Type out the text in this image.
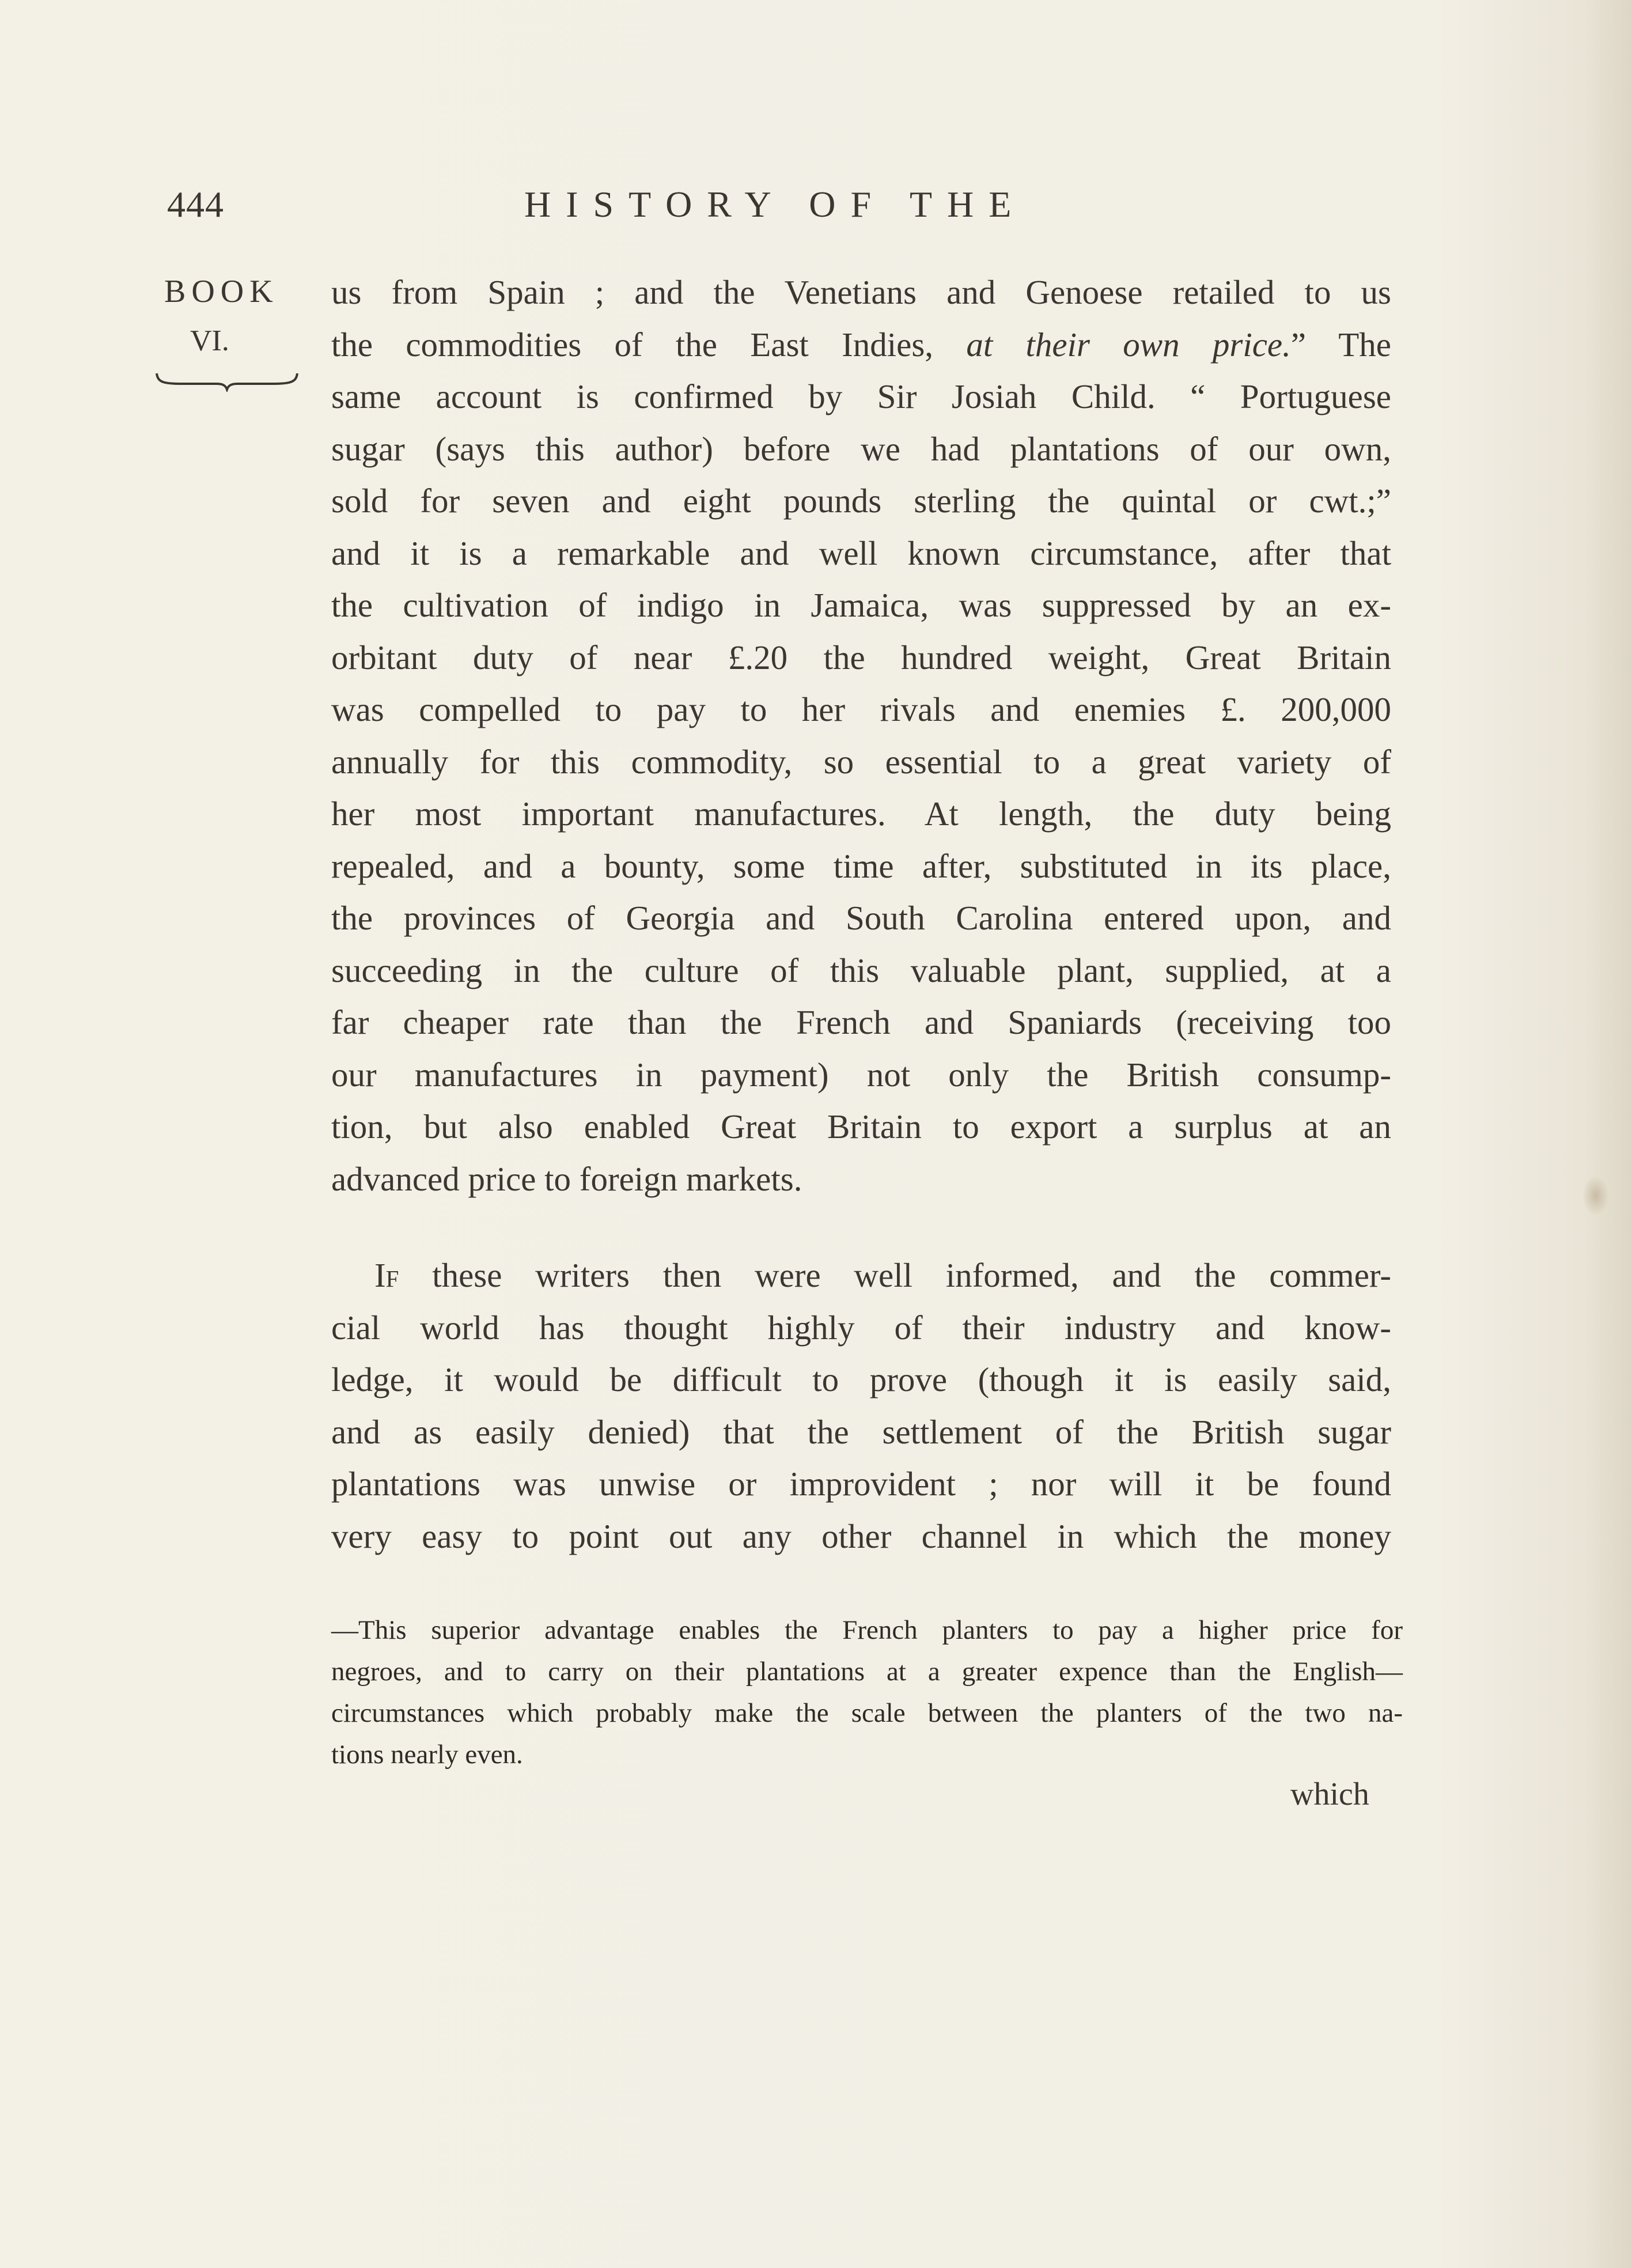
444	HISTORY OF THE
BOOK
VI.
us from Spain ; and the Venetians and Genoese retailed to us
the commodities of the East Indies, at their own price.” The
same account is confirmed by Sir Josiah Child. “ Portuguese
sugar (says this author) before we had plantations of our own,
sold for seven and eight pounds sterling the quintal or cwt.;”
and it is a remarkable and well known circumstance, after that
the cultivation of indigo in Jamaica, was suppressed by an ex-
orbitant duty of near £.20 the hundred weight, Great Britain
was compelled to pay to her rivals and enemies £. 200,000
annually for this commodity, so essential to a great variety of
her most important manufactures. At length, the duty being
repealed, and a bounty, some time after, substituted in its place,
the provinces of Georgia and South Carolina entered upon, and
succeeding in the culture of this valuable plant, supplied, at a
far cheaper rate than the French and Spaniards (receiving too
our manufactures in payment) not only the British consump-
tion, but also enabled Great Britain to export a surplus at an
advanced price to foreign markets.
If these writers then were well informed, and the commer-
cial world has thought highly of their industry and know-
ledge, it would be difficult to prove (though it is easily said,
and as easily denied) that the settlement of the British sugar
plantations was unwise or improvident ; nor will it be found
very easy to point out any other channel in which the money
—This superior advantage enables the French planters to pay a higher price for
negroes, and to carry on their plantations at a greater expence than the English—
circumstances which probably make the scale between the planters of the two na-
tions nearly even.
which
